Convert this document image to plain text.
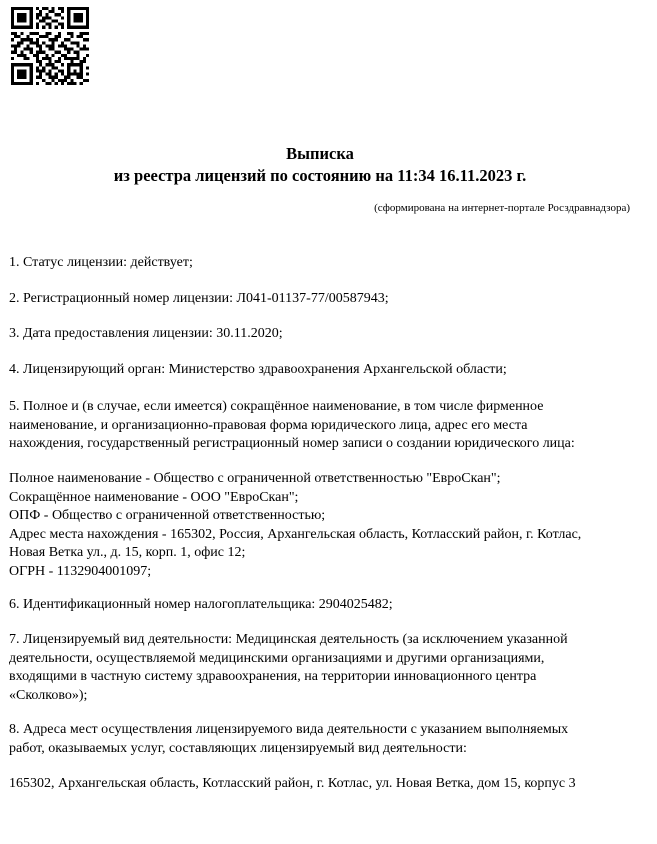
Выписка
из реестра лицензий по состоянию на 11:34 16.11.2023 г.
(сформирована на интернет-портале Росздравнадзора)
1. Статус лицензии: действует;
2. Регистрационный номер лицензии: Л041-01137-77/00587943;
3. Дата предоставления лицензии: 30.11.2020;
4. Лицензирующий орган: Министерство здравоохранения Архангельской области;
5. Полное и (в случае, если имеется) сокращённое наименование, в том числе фирменное
наименование, и организационно-правовая форма юридического лица, адрес его места
нахождения, государственный регистрационный номер записи о создании юридического лица:
Полное наименование - Общество с ограниченной ответственностью "ЕвроСкан";
Сокращённое наименование - ООО "ЕвроСкан";
ОПФ - Общество с ограниченной ответственностью;
Адрес места нахождения - 165302, Россия, Архангельская область, Котласский район, г. Котлас,
Новая Ветка ул., д. 15, корп. 1, офис 12;
ОГРН - 1132904001097;
6. Идентификационный номер налогоплательщика: 2904025482;
7. Лицензируемый вид деятельности: Медицинская деятельность (за исключением указанной
деятельности, осуществляемой медицинскими организациями и другими организациями,
входящими в частную систему здравоохранения, на территории инновационного центра
«Сколково»);
8. Адреса мест осуществления лицензируемого вида деятельности с указанием выполняемых
работ, оказываемых услуг, составляющих лицензируемый вид деятельности:
165302, Архангельская область, Котласский район, г. Котлас, ул. Новая Ветка, дом 15, корпус 3
